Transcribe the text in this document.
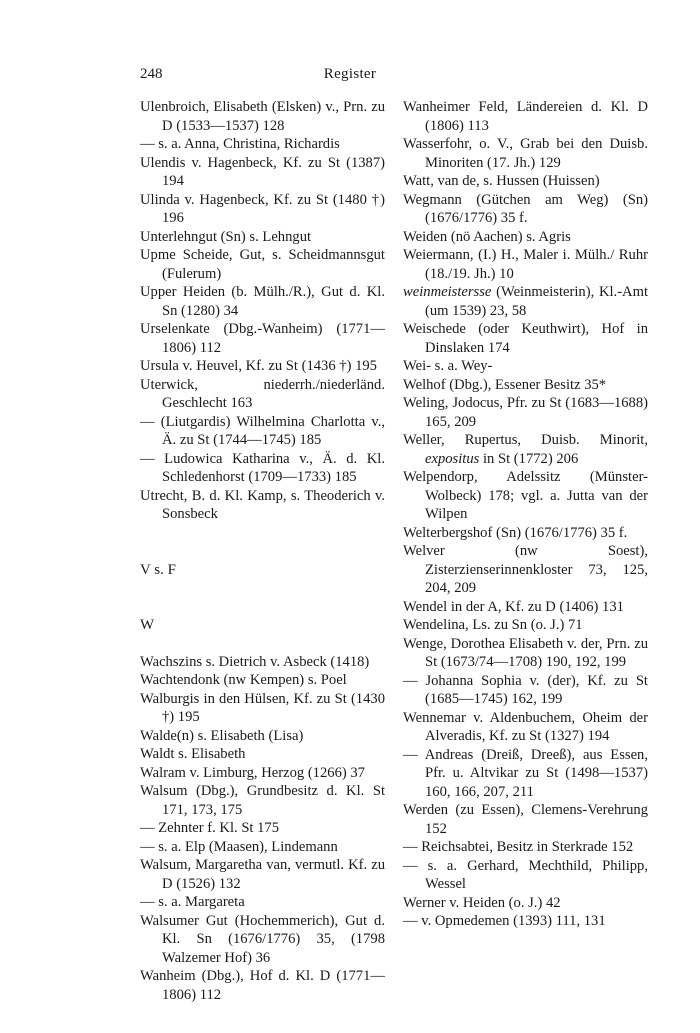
248	Register

Ulenbroich, Elisabeth (Elsken) v., Prn. zu D (1533—1537) 128

— s. a. Anna, Christina, Richardis

Ulendis v. Hagenbeck, Kf. zu St (1387) 194

Ulinda v. Hagenbeck, Kf. zu St (1480 †) 196

Unterlehngut (Sn) s. Lehngut

Upme Scheide, Gut, s. Scheidmannsgut (Fulerum)

Upper Heiden (b. Mülh./R.), Gut d. Kl. Sn (1280) 34

Urselenkate (Dbg.-Wanheim) (1771—1806) 112

Ursula v. Heuvel, Kf. zu St (1436 †) 195

Uterwick, niederrh./niederländ. Geschlecht 163

— (Liutgardis) Wilhelmina Charlotta v., Ä. zu St (1744—1745) 185

— Ludowica Katharina v., Ä. d. Kl. Schledenhorst (1709—1733) 185

Utrecht, B. d. Kl. Kamp, s. Theoderich v. Sonsbeck

V s. F

W

Wachszins s. Dietrich v. Asbeck (1418)

Wachtendonk (nw Kempen) s. Poel

Walburgis in den Hülsen, Kf. zu St (1430 †) 195

Walde(n) s. Elisabeth (Lisa)

Waldt s. Elisabeth

Walram v. Limburg, Herzog (1266) 37

Walsum (Dbg.), Grundbesitz d. Kl. St 171, 173, 175

— Zehnter f. Kl. St 175

— s. a. Elp (Maasen), Lindemann

Walsum, Margaretha van, vermutl. Kf. zu D (1526) 132

— s. a. Margareta

Walsumer Gut (Hochemmerich), Gut d. Kl. Sn (1676/1776) 35, (1798 Walzemer Hof) 36

Wanheim (Dbg.), Hof d. Kl. D (1771—1806) 112

Wanheimer Feld, Ländereien d. Kl. D (1806) 113

Wasserfohr, o. V., Grab bei den Duisb. Minoriten (17. Jh.) 129

Watt, van de, s. Hussen (Huissen)

Wegmann (Gütchen am Weg) (Sn) (1676/1776) 35 f.

Weiden (nö Aachen) s. Agris

Weiermann, (I.) H., Maler i. Mülh./ Ruhr (18./19. Jh.) 10

weinmeistersse (Weinmeisterin), Kl.-Amt (um 1539) 23, 58

Weischede (oder Keuthwirt), Hof in Dinslaken 174

Wei- s. a. Wey-

Welhof (Dbg.), Essener Besitz 35*

Weling, Jodocus, Pfr. zu St (1683—1688) 165, 209

Weller, Rupertus, Duisb. Minorit, expositus in St (1772) 206

Welpendorp, Adelssitz (Münster-Wolbeck) 178; vgl. a. Jutta van der Wilpen

Welterbergshof (Sn) (1676/1776) 35 f.

Welver (nw Soest), Zisterzienserinnenkloster 73, 125, 204, 209

Wendel in der A, Kf. zu D (1406) 131

Wendelina, Ls. zu Sn (o. J.) 71

Wenge, Dorothea Elisabeth v. der, Prn. zu St (1673/74—1708) 190, 192, 199

— Johanna Sophia v. (der), Kf. zu St (1685—1745) 162, 199

Wennemar v. Aldenbuchem, Oheim der Alveradis, Kf. zu St (1327) 194

— Andreas (Dreiß, Dreeß), aus Essen, Pfr. u. Altvikar zu St (1498—1537) 160, 166, 207, 211

Werden (zu Essen), Clemens-Verehrung 152

— Reichsabtei, Besitz in Sterkrade 152

— s. a. Gerhard, Mechthild, Philipp, Wessel

Werner v. Heiden (o. J.) 42

— v. Opmedemen (1393) 111, 131
